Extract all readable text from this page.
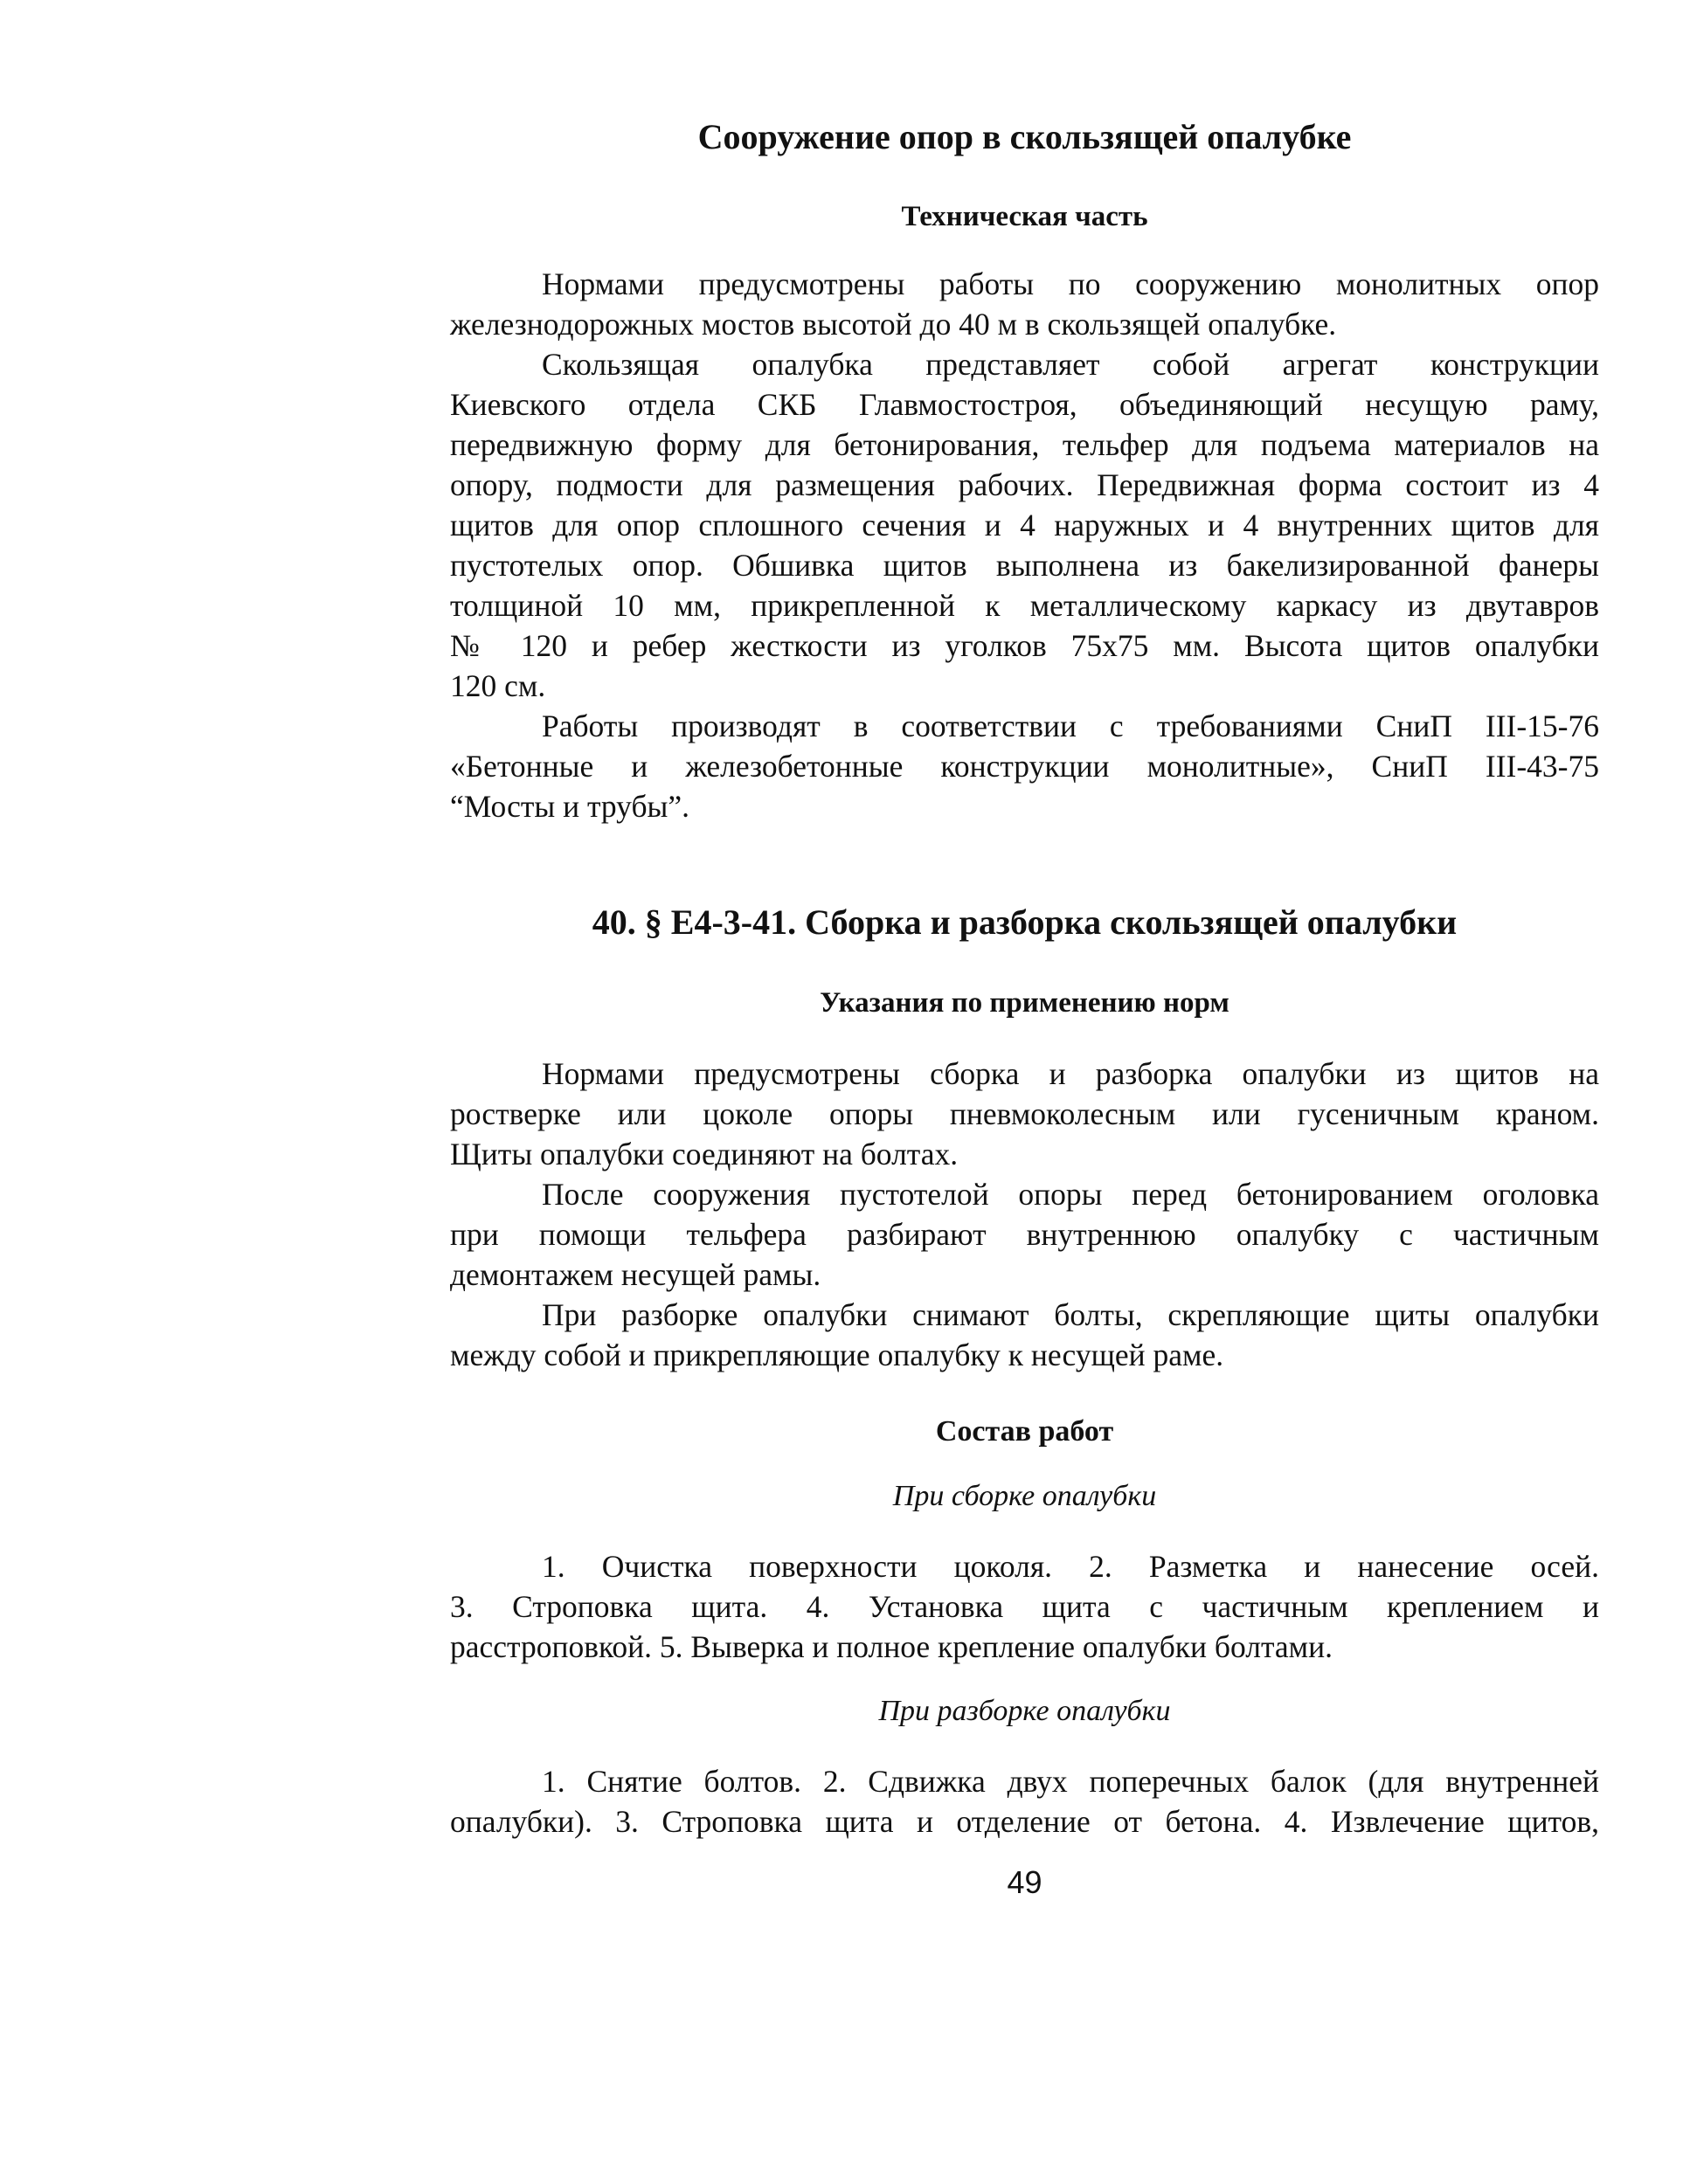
Сооружение опор в скользящей опалубке
Техническая часть
Нормами предусмотрены работы по сооружению монолитных опор
железнодорожных мостов высотой до 40 м в скользящей опалубке.
Скользящая опалубка представляет собой агрегат конструкции
Киевского отдела СКБ Главмостостроя, объединяющий несущую раму,
передвижную форму для бетонирования, тельфер для подъема материалов на
опору, подмости для размещения рабочих. Передвижная форма состоит из 4
щитов для опор сплошного сечения и 4 наружных и 4 внутренних щитов для
пустотелых опор. Обшивка щитов выполнена из бакелизированной фанеры
толщиной 10 мм, прикрепленной к металлическому каркасу из двутавров
№ 120 и ребер жесткости из уголков 75х75 мм. Высота щитов опалубки
120 см.
Работы производят в соответствии с требованиями СниП III-15-76
«Бетонные и железобетонные конструкции монолитные», СниП III-43-75
“Мосты и трубы”.
40. § Е4-3-41. Сборка и разборка скользящей опалубки
Указания по применению норм
Нормами предусмотрены сборка и разборка опалубки из щитов на
ростверке или цоколе опоры пневмоколесным или гусеничным краном.
Щиты опалубки соединяют на болтах.
После сооружения пустотелой опоры перед бетонированием оголовка
при помощи тельфера разбирают внутреннюю опалубку с частичным
демонтажем несущей рамы.
При разборке опалубки снимают болты, скрепляющие щиты опалубки
между собой и прикрепляющие опалубку к несущей раме.
Состав работ
При сборке опалубки
1. Очистка поверхности цоколя. 2. Разметка и нанесение осей.
3. Строповка щита. 4. Установка щита с частичным креплением и
расстроповкой. 5. Выверка и полное крепление опалубки болтами.
При разборке опалубки
1. Снятие болтов. 2. Сдвижка двух поперечных балок (для внутренней
опалубки). 3. Строповка щита и отделение от бетона. 4. Извлечение щитов,

49
